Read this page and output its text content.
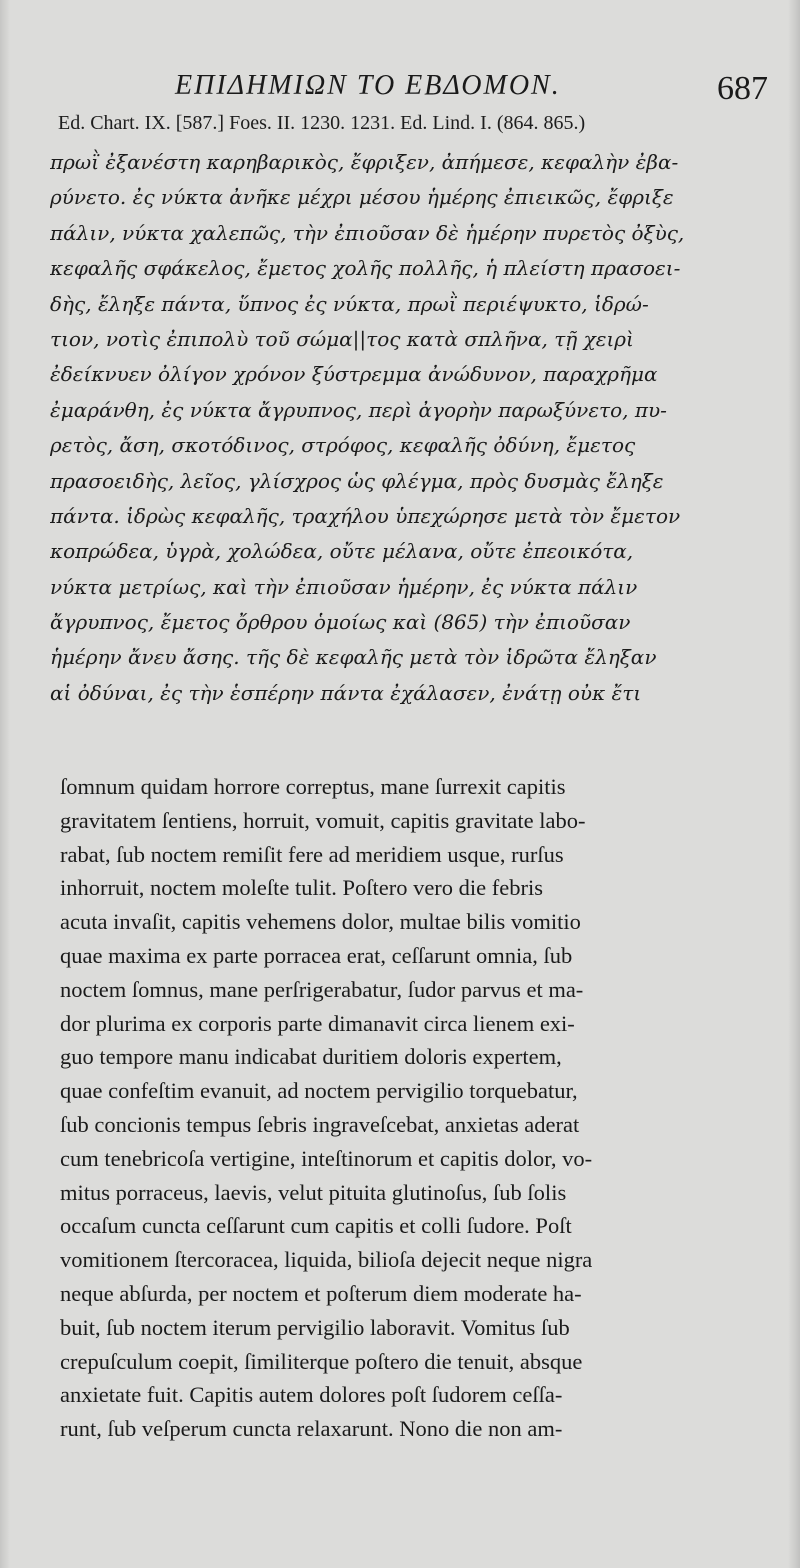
ΕΠΙΔΗΜΙΩΝ ΤΟ ΕΒΔΟΜΟΝ.	687
Ed. Chart. IX. [587.] Foes. II. 1230. 1231. Ed. Lind. I. (864. 865.)
πρωῒ ἐξανέστη καρηβαρικὸς, ἔφριξεν, ἀπήμεσε, κεφαλὴν ἐβα-
ρύνετο. ἐς νύκτα ἀνῆκε μέχρι μέσου ἡμέρης ἐπιεικῶς, ἔφριξε
πάλιν, νύκτα χαλεπῶς, τὴν ἐπιοῦσαν δὲ ἡμέρην πυρετὸς ὀξὺς,
κεφαλῆς σφάκελος, ἔμετος χολῆς πολλῆς, ἡ πλείστη πρασοει-
δὴς, ἔληξε πάντα, ὕπνος ἐς νύκτα, πρωῒ περιέψυκτο, ἱδρώ-
τιον, νοτὶς ἐπιπολὺ τοῦ σώμα||τος κατὰ σπλῆνα, τῇ χειρὶ
ἐδείκνυεν ὀλίγον χρόνον ξύστρεμμα ἀνώδυνον, παραχρῆμα
ἐμαράνθη, ἐς νύκτα ἄγρυπνος, περὶ ἀγορὴν παρωξύνετο, πυ-
ρετὸς, ἄση, σκοτόδινος, στρόφος, κεφαλῆς ὀδύνη, ἔμετος
πρασοειδὴς, λεῖος, γλίσχρος ὡς φλέγμα, πρὸς δυσμὰς ἔληξε
πάντα. ἱδρὼς κεφαλῆς, τραχήλου ὑπεχώρησε μετὰ τὸν ἔμετον
κοπρώδεα, ὑγρὰ, χολώδεα, οὔτε μέλανα, οὔτε ἐπεοικότα,
νύκτα μετρίως, καὶ τὴν ἐπιοῦσαν ἡμέρην, ἐς νύκτα πάλιν
ἄγρυπνος, ἔμετος ὄρθρου ὁμοίως καὶ (865) τὴν ἐπιοῦσαν
ἡμέρην ἄνευ ἄσης. τῆς δὲ κεφαλῆς μετὰ τὸν ἱδρῶτα ἔληξαν
αἱ ὀδύναι, ἐς τὴν ἑσπέρην πάντα ἐχάλασεν, ἐνάτῃ οὐκ ἔτι
ſomnum quidam horrore correptus, mane ſurrexit capitis
gravitatem ſentiens, horruit, vomuit, capitis gravitate labo-
rabat, ſub noctem remiſit fere ad meridiem usque, rurſus
inhorruit, noctem moleſte tulit. Poſtero vero die febris
acuta invaſit, capitis vehemens dolor, multae bilis vomitio
quae maxima ex parte porracea erat, ceſſarunt omnia, ſub
noctem ſomnus, mane perſrigerabatur, ſudor parvus et ma-
dor plurima ex corporis parte dimanavit circa lienem exi-
guo tempore manu indicabat duritiem doloris expertem,
quae confeſtim evanuit, ad noctem pervigilio torquebatur,
ſub concionis tempus ſebris ingraveſcebat, anxietas aderat
cum tenebricoſa vertigine, inteſtinorum et capitis dolor, vo-
mitus porraceus, laevis, velut pituita glutinoſus, ſub ſolis
occaſum cuncta ceſſarunt cum capitis et colli ſudore. Poſt
vomitionem ſtercoracea, liquida, bilioſa dejecit neque nigra
neque abſurda, per noctem et poſterum diem moderate ha-
buit, ſub noctem iterum pervigilio laboravit. Vomitus ſub
crepuſculum coepit, ſimiliterque poſtero die tenuit, absque
anxietate fuit. Capitis autem dolores poſt ſudorem ceſſa-
runt, ſub veſperum cuncta relaxarunt. Nono die non am-
